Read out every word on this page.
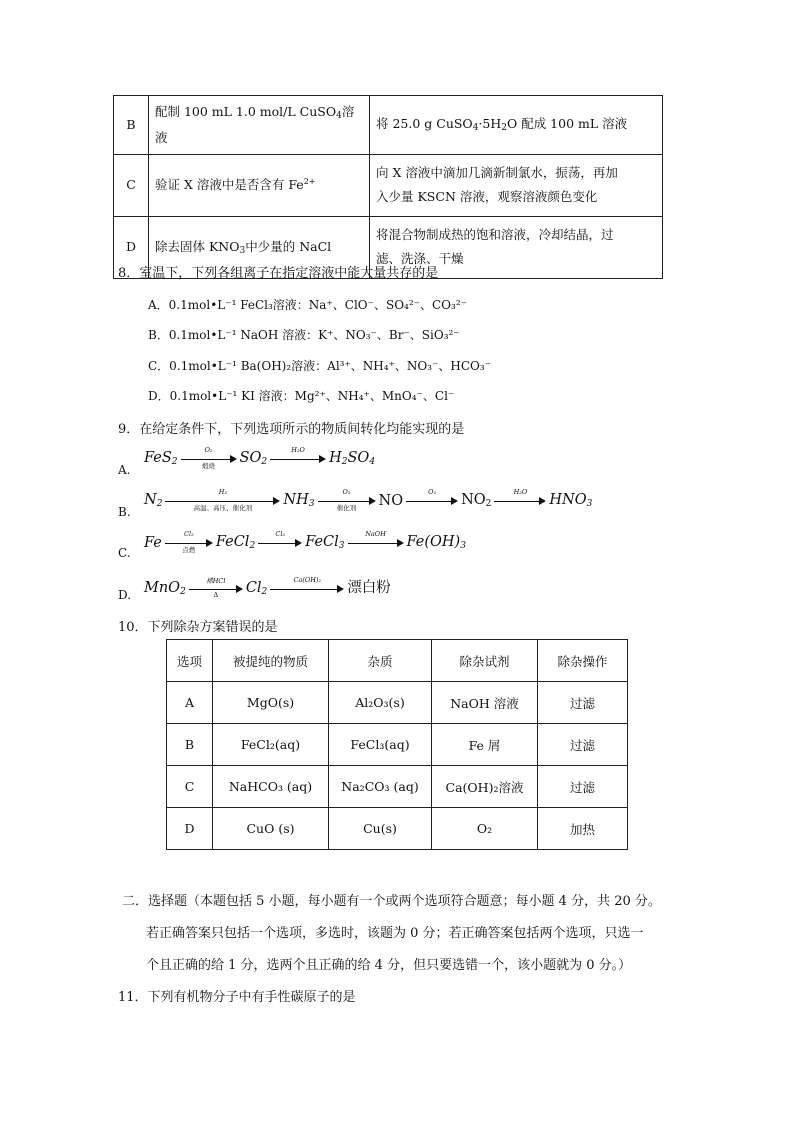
B	配制 100 mL 1.0 mol/L CuSO$_4$溶液	将 25.0 g $CuSO_4\cdot 5H_2O$ 配成 100 mL 溶液
C	验证 X 溶液中是否含有 $Fe^{2+}$	向 X 溶液中滴加几滴新制氯水，振荡，再加
入少量 KSCN 溶液，观察溶液颜色变化

D	除去固体 $KNO_3$中少量的 NaCl	将混合物制成热的饱和溶液，冷却结晶，过
滤、洗涤、干燥
8．室温下，下列各组离子在指定溶液中能大量共存的是
A．0.1mol•L⁻¹ FeCl₃溶液：Na⁺、ClO⁻、SO₄²⁻、CO₃²⁻
B．0.1mol•L⁻¹ NaOH 溶液：K⁺、NO₃⁻、Br⁻、SiO₃²⁻
C．0.1mol•L⁻¹ Ba(OH)₂溶液：Al³⁺、NH₄⁺、NO₃⁻、HCO₃⁻
D．0.1mol•L⁻¹ KI 溶液：Mg²⁺、NH₄⁺、MnO₄⁻、Cl⁻
9．在给定条件下，下列选项所示的物质间转化均能实现的是
A.
FeS$_2$
O₂
煅烧	$SO_2$
H₂O	$H_2SO_4$
B.
$N_2$
H₂
高温、高压、催化剂	$NH_3$
O₂
催化剂	NO
O₂	$NO_2$
H₂O	$HNO_3$
C.
Fe
Cl₂
点燃	FeCl$_2$
Cl₂	FeCl$_3$
NaOH	$Fe(OH)_3$
D. MnO$_2$
稀HCl
Δ	$Cl_2$
Ca(OH)₂	漂白粉
10．下列除杂方案错误的是
选项	被提纯的物质	杂质	除杂试剂	除杂操作
A	MgO(s)	Al₂O₃(s)	NaOH 溶液	过滤
B	FeCl₂(aq)	FeCl₃(aq)	Fe 屑	过滤
C	NaHCO₃ (aq)	Na₂CO₃ (aq)	Ca(OH)₂溶液	过滤
D	CuO (s)	Cu(s)	O₂	加热
二．选择题（本题包括 5 小题，每小题有一个或两个选项符合题意；每小题 4 分，共 20 分。
若正确答案只包括一个选项，多选时，该题为 0 分；若正确答案包括两个选项，只选一
个且正确的给 1 分，选两个且正确的给 4 分，但只要选错一个，该小题就为 0 分。）
11．下列有机物分子中有手性碳原子的是
